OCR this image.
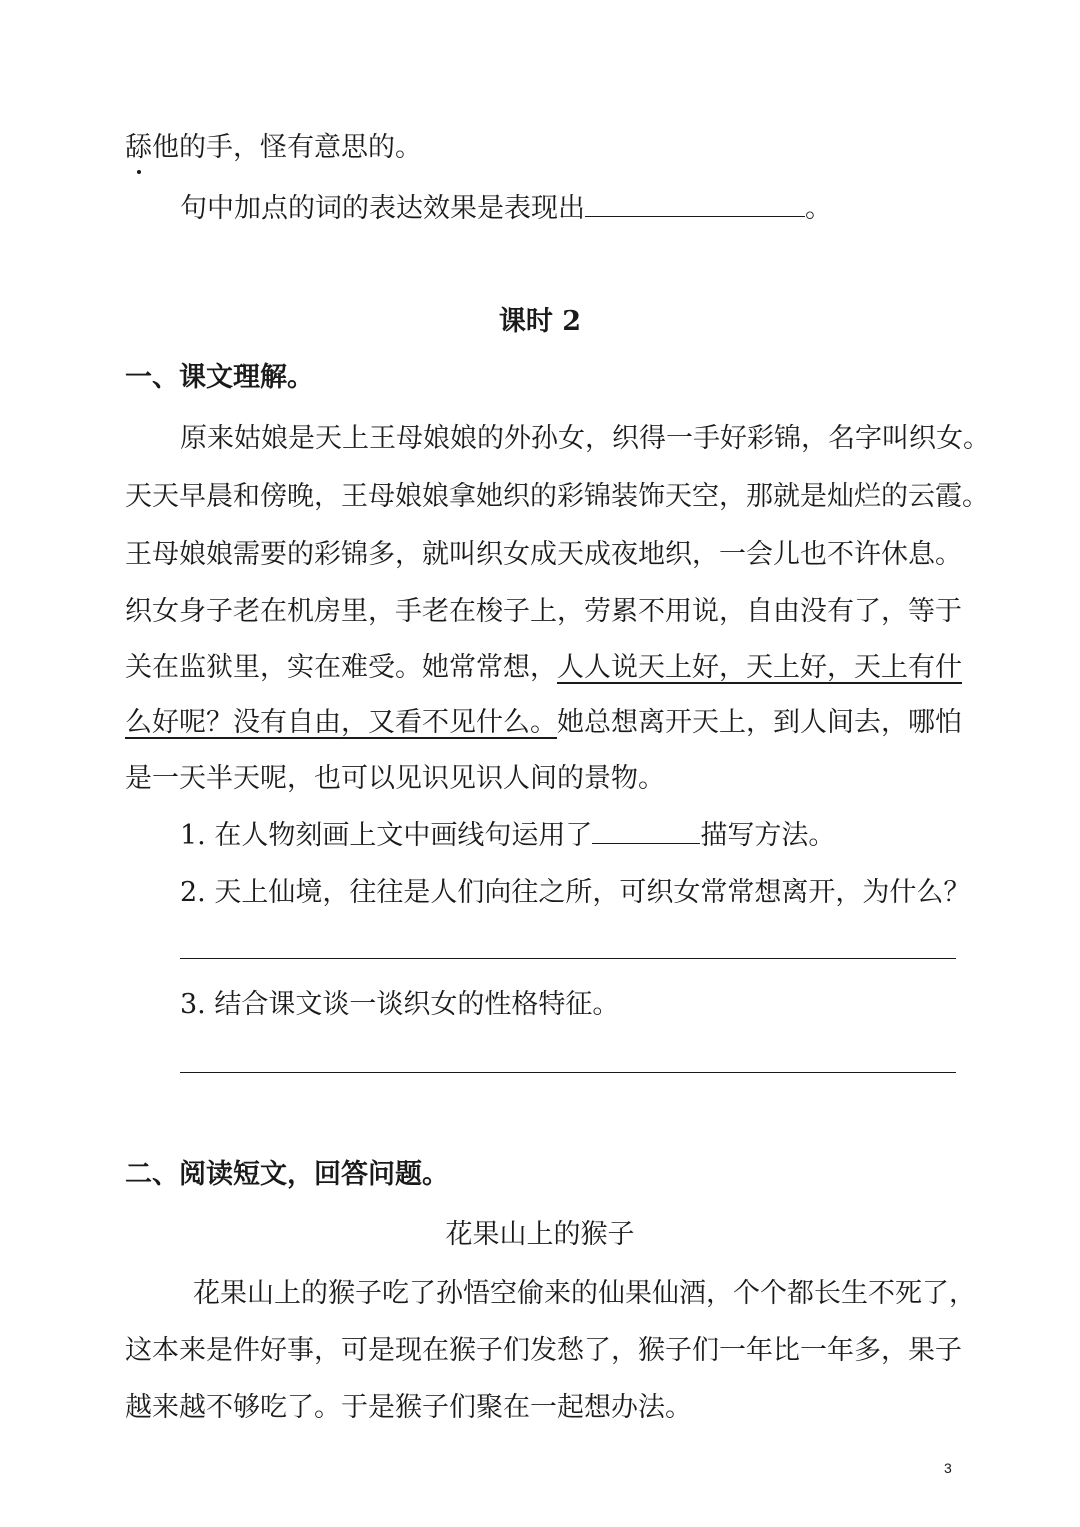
舔他的手，怪有意思的。
句中加点的词的表达效果是表现出	。
课时 2
一、课文理解。
原来姑娘是天上王母娘娘的外孙女，织得一手好彩锦，名字叫织女。
天天早晨和傍晚，王母娘娘拿她织的彩锦装饰天空，那就是灿烂的云霞。
王母娘娘需要的彩锦多，就叫织女成天成夜地织，一会儿也不许休息。
织女身子老在机房里，手老在梭子上，劳累不用说，自由没有了，等于
关在监狱里，实在难受。她常常想，人人说天上好，天上好，天上有什
么好呢？没有自由，又看不见什么。她总想离开天上，到人间去，哪怕
是一天半天呢，也可以见识见识人间的景物。
1. 在人物刻画上文中画线句运用了	描写方法。
2. 天上仙境，往往是人们向往之所，可织女常常想离开，为什么？
3. 结合课文谈一谈织女的性格特征。
二、阅读短文，回答问题。
花果山上的猴子
花果山上的猴子吃了孙悟空偷来的仙果仙酒，个个都长生不死了，
这本来是件好事，可是现在猴子们发愁了，猴子们一年比一年多，果子
越来越不够吃了。于是猴子们聚在一起想办法。
3
